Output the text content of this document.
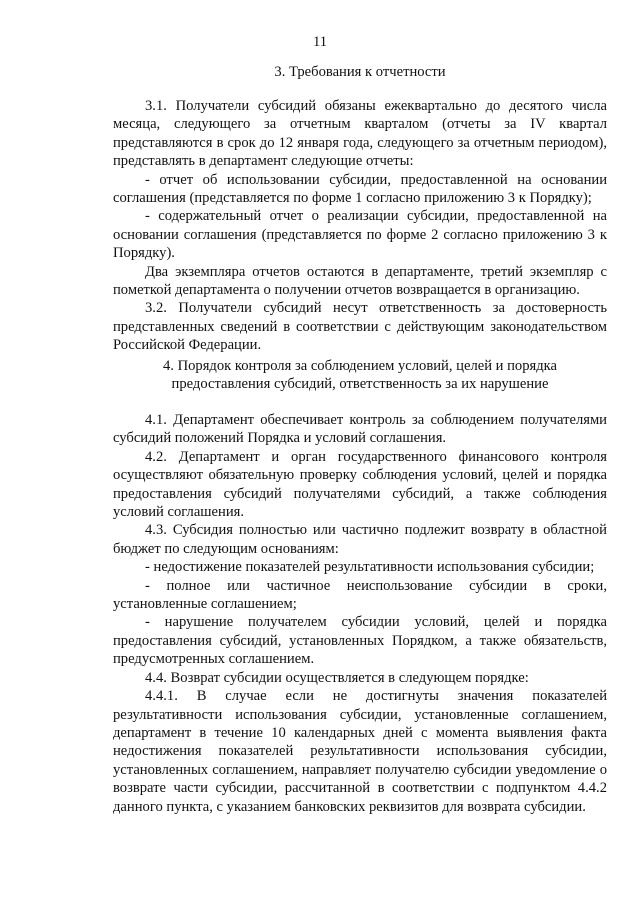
11
3. Требования к отчетности

3.1. Получатели субсидий обязаны ежеквартально до десятого числа месяца, следующего за отчетным кварталом (отчеты за IV квартал представляются в срок до 12 января года, следующего за отчетным периодом), представлять в департамент следующие отчеты:

- отчет об использовании субсидии, предоставленной на основании соглашения (представляется по форме 1 согласно приложению 3 к Порядку);

- содержательный отчет о реализации субсидии, предоставленной на основании соглашения (представляется по форме 2 согласно приложению 3 к Порядку).

Два экземпляра отчетов остаются в департаменте, третий экземпляр с пометкой департамента о получении отчетов возвращается в организацию.

3.2. Получатели субсидий несут ответственность за достоверность представленных сведений в соответствии с действующим законодательством Российской Федерации.

4. Порядок контроля за соблюдением условий, целей и порядка
предоставления субсидий, ответственность за их нарушение

4.1. Департамент обеспечивает контроль за соблюдением получателями субсидий положений Порядка и условий соглашения.

4.2. Департамент и орган государственного финансового контроля осуществляют обязательную проверку соблюдения условий, целей и порядка предоставления субсидий получателями субсидий, а также соблюдения условий соглашения.

4.3. Субсидия полностью или частично подлежит возврату в областной бюджет по следующим основаниям:

- недостижение показателей результативности использования субсидии;

- полное или частичное неиспользование субсидии в сроки, установленные соглашением;

- нарушение получателем субсидии условий, целей и порядка предоставления субсидий, установленных Порядком, а также обязательств, предусмотренных соглашением.

4.4. Возврат субсидии осуществляется в следующем порядке:

4.4.1. В случае если не достигнуты значения показателей результативности использования субсидии, установленные соглашением, департамент в течение 10 календарных дней с момента выявления факта недостижения показателей результативности использования субсидии, установленных соглашением, направляет получателю субсидии уведомление о возврате части субсидии, рассчитанной в соответствии с подпунктом 4.4.2 данного пункта, с указанием банковских реквизитов для возврата субсидии.
